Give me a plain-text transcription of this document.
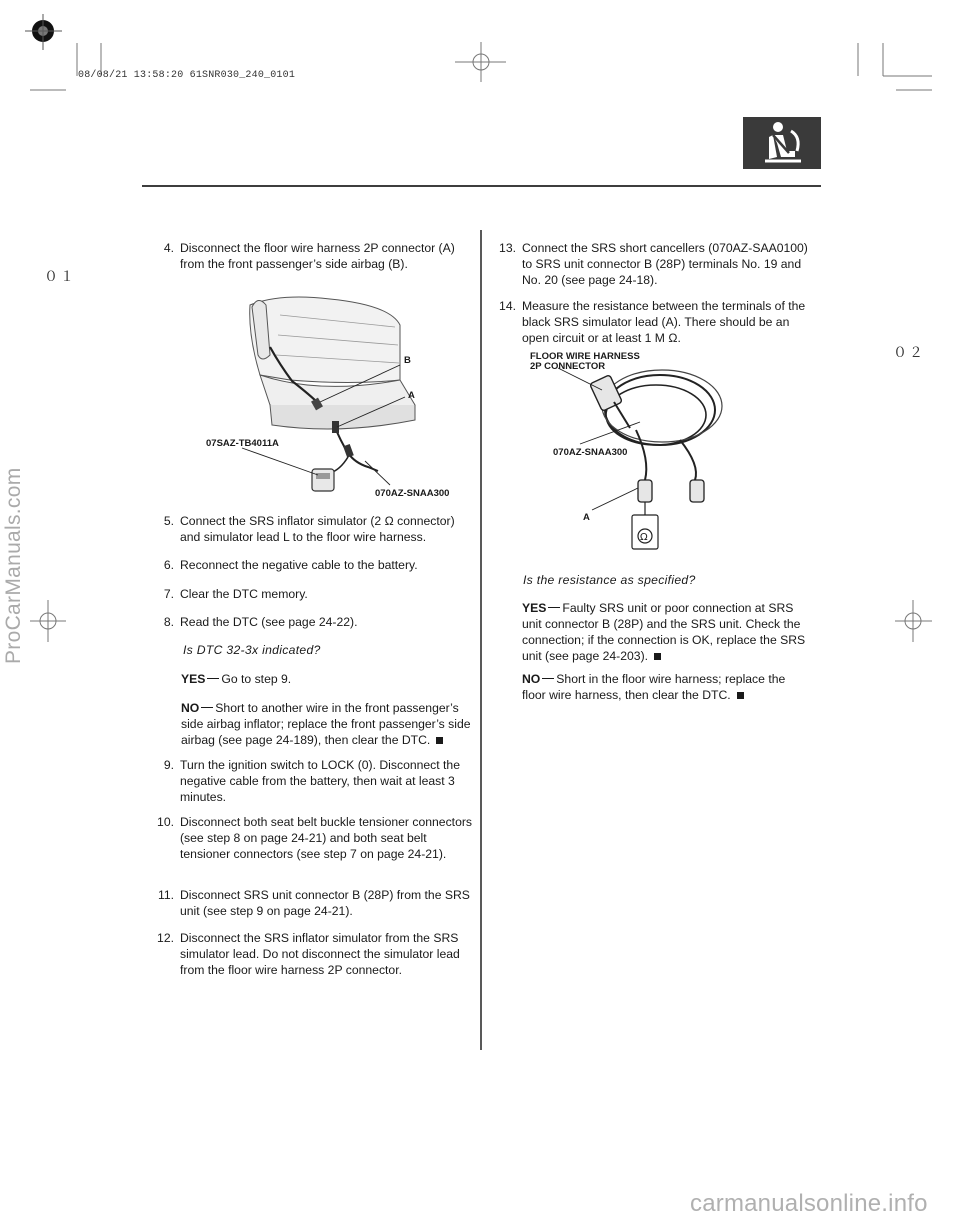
08/08/21 13:58:20 61SNR030_240_0101
０１
０２
4. Disconnect the floor wire harness 2P connector (A) from the front passenger’s side airbag (B).
B
A
07SAZ-TB4011A
070AZ-SNAA300
5. Connect the SRS inflator simulator (2 Ω connector) and simulator lead L to the floor wire harness.
6. Reconnect the negative cable to the battery.
7. Clear the DTC memory.
8. Read the DTC (see page 24-22).
Is DTC 32-3x indicated?
YES Go to step 9.
NO Short to another wire in the front passenger’s side airbag inflator; replace the front passenger’s side airbag (see page 24-189), then clear the DTC.
9. Turn the ignition switch to LOCK (0). Disconnect the negative cable from the battery, then wait at least 3 minutes.
10. Disconnect both seat belt buckle tensioner connectors (see step 8 on page 24-21) and both seat belt tensioner connectors (see step 7 on page 24-21).
11. Disconnect SRS unit connector B (28P) from the SRS unit (see step 9 on page 24-21).
12. Disconnect the SRS inflator simulator from the SRS simulator lead. Do not disconnect the simulator lead from the floor wire harness 2P connector.
13. Connect the SRS short cancellers (070AZ-SAA0100) to SRS unit connector B (28P) terminals No. 19 and No. 20 (see page 24-18).
14. Measure the resistance between the terminals of the black SRS simulator lead (A). There should be an open circuit or at least 1 M Ω.
FLOOR WIRE HARNESS
2P CONNECTOR
Ω
070AZ-SNAA300
A
Is the resistance as specified?
YES Faulty SRS unit or poor connection at SRS unit connector B (28P) and the SRS unit. Check the connection; if the connection is OK, replace the SRS unit (see page 24-203).
NO Short in the floor wire harness; replace the floor wire harness, then clear the DTC.
ProCarManuals.com
carmanualsonline.info
